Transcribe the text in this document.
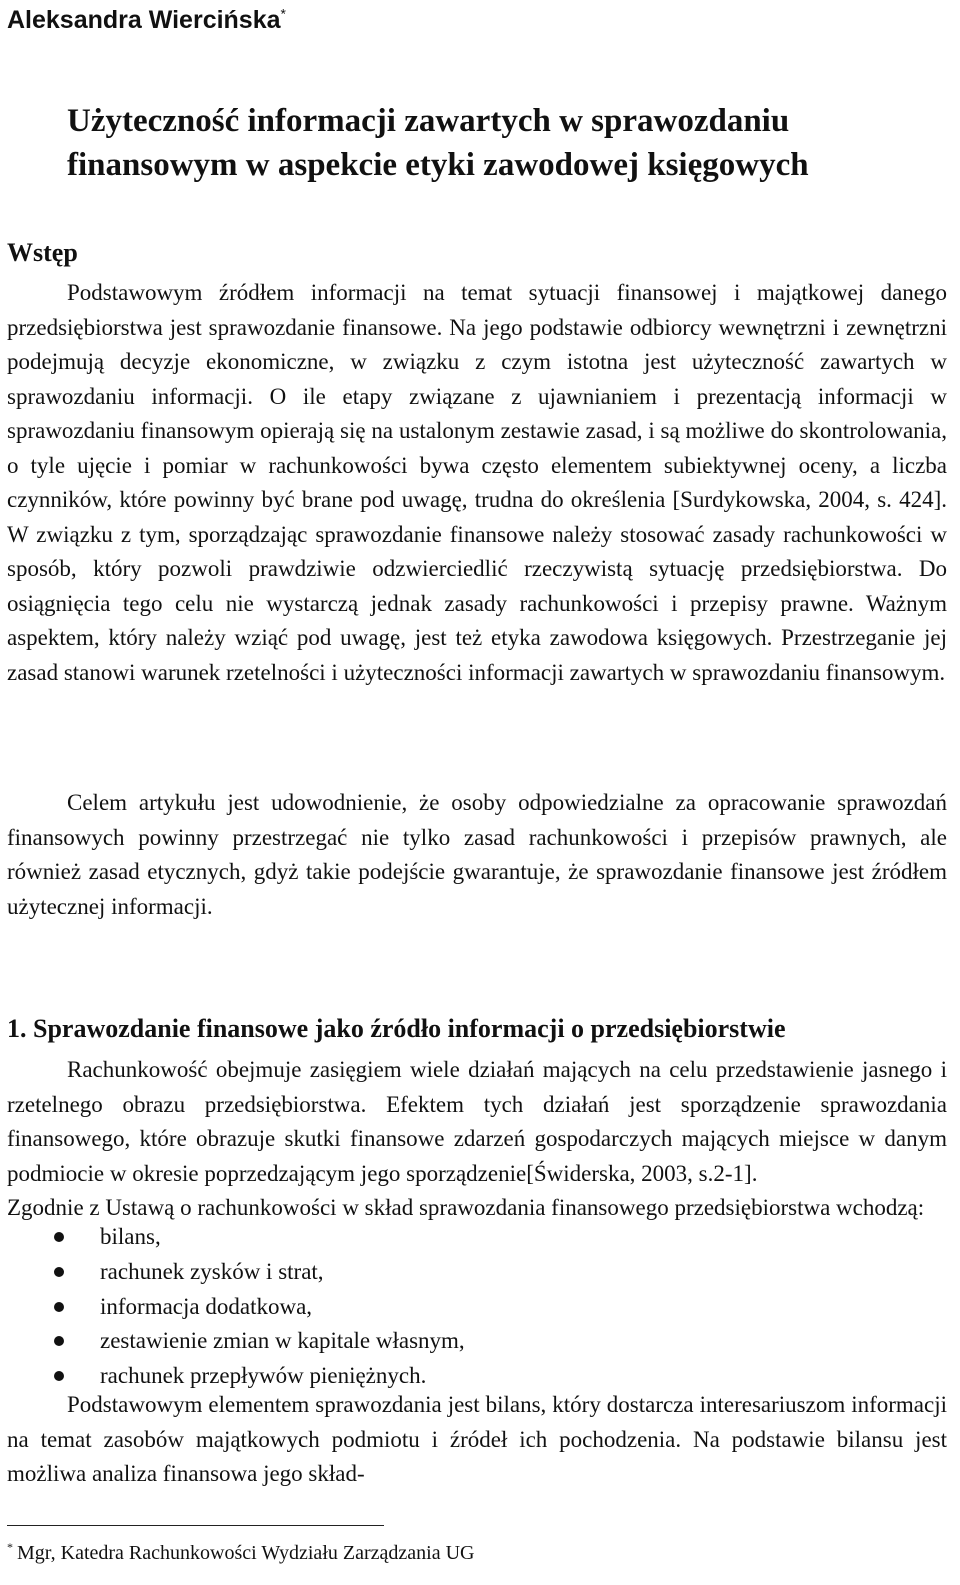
Aleksandra Wiercińska*
Użyteczność informacji zawartych w sprawozdaniu
finansowym w aspekcie etyki zawodowej księgowych
Wstęp

Podstawowym źródłem informacji na temat sytuacji finansowej i majątkowej danego przedsiębiorstwa jest sprawozdanie finansowe. Na jego podstawie odbiorcy wewnętrzni i zewnętrzni podejmują decyzje ekonomiczne, w związku z czym istotna jest użyteczność zawartych w sprawozdaniu informacji. O ile etapy związane z ujawnianiem i prezentacją informacji w sprawozdaniu finansowym opierają się na ustalonym zestawie zasad, i są możliwe do skontrolowania, o tyle ujęcie i pomiar w rachunkowości bywa często elementem subiektywnej oceny, a liczba czynników, które powinny być brane pod uwagę, trudna do określenia [Surdykowska, 2004, s. 424]. W związku z tym, sporządzając sprawozdanie finansowe należy stosować zasady rachunkowości w sposób, który pozwoli prawdziwie odzwierciedlić rzeczywistą sytuację przedsiębiorstwa. Do osiągnięcia tego celu nie wystarczą jednak zasady rachunkowości i przepisy prawne. Ważnym aspektem, który należy wziąć pod uwagę, jest też etyka zawodowa księgowych. Przestrzeganie jej zasad stanowi warunek rzetelności i użyteczności informacji zawartych w sprawozdaniu finansowym.

Celem artykułu jest udowodnienie, że osoby odpowiedzialne za opracowanie sprawozdań finansowych powinny przestrzegać nie tylko zasad rachunkowości i przepisów prawnych, ale również zasad etycznych, gdyż takie podejście gwarantuje, że sprawozdanie finansowe jest źródłem użytecznej informacji.

1. Sprawozdanie finansowe jako źródło informacji o przedsiębiorstwie

Rachunkowość obejmuje zasięgiem wiele działań mających na celu przedstawienie jasnego i rzetelnego obrazu przedsiębiorstwa. Efektem tych działań jest sporządzenie sprawozdania finansowego, które obrazuje skutki finansowe zdarzeń gospodarczych mających miejsce w danym podmiocie w okresie poprzedzającym jego sporządzenie[Świderska, 2003, s.2-1].

Zgodnie z Ustawą o rachunkowości w skład sprawozdania finansowego przedsiębiorstwa wchodzą:

bilans,
rachunek zysków i strat,
informacja dodatkowa,
zestawienie zmian w kapitale własnym,
rachunek przepływów pieniężnych.

Podstawowym elementem sprawozdania jest bilans, który dostarcza interesariuszom informacji na temat zasobów majątkowych podmiotu i źródeł ich pochodzenia. Na podstawie bilansu jest możliwa analiza finansowa jego skład-

* Mgr, Katedra Rachunkowości Wydziału Zarządzania UG
